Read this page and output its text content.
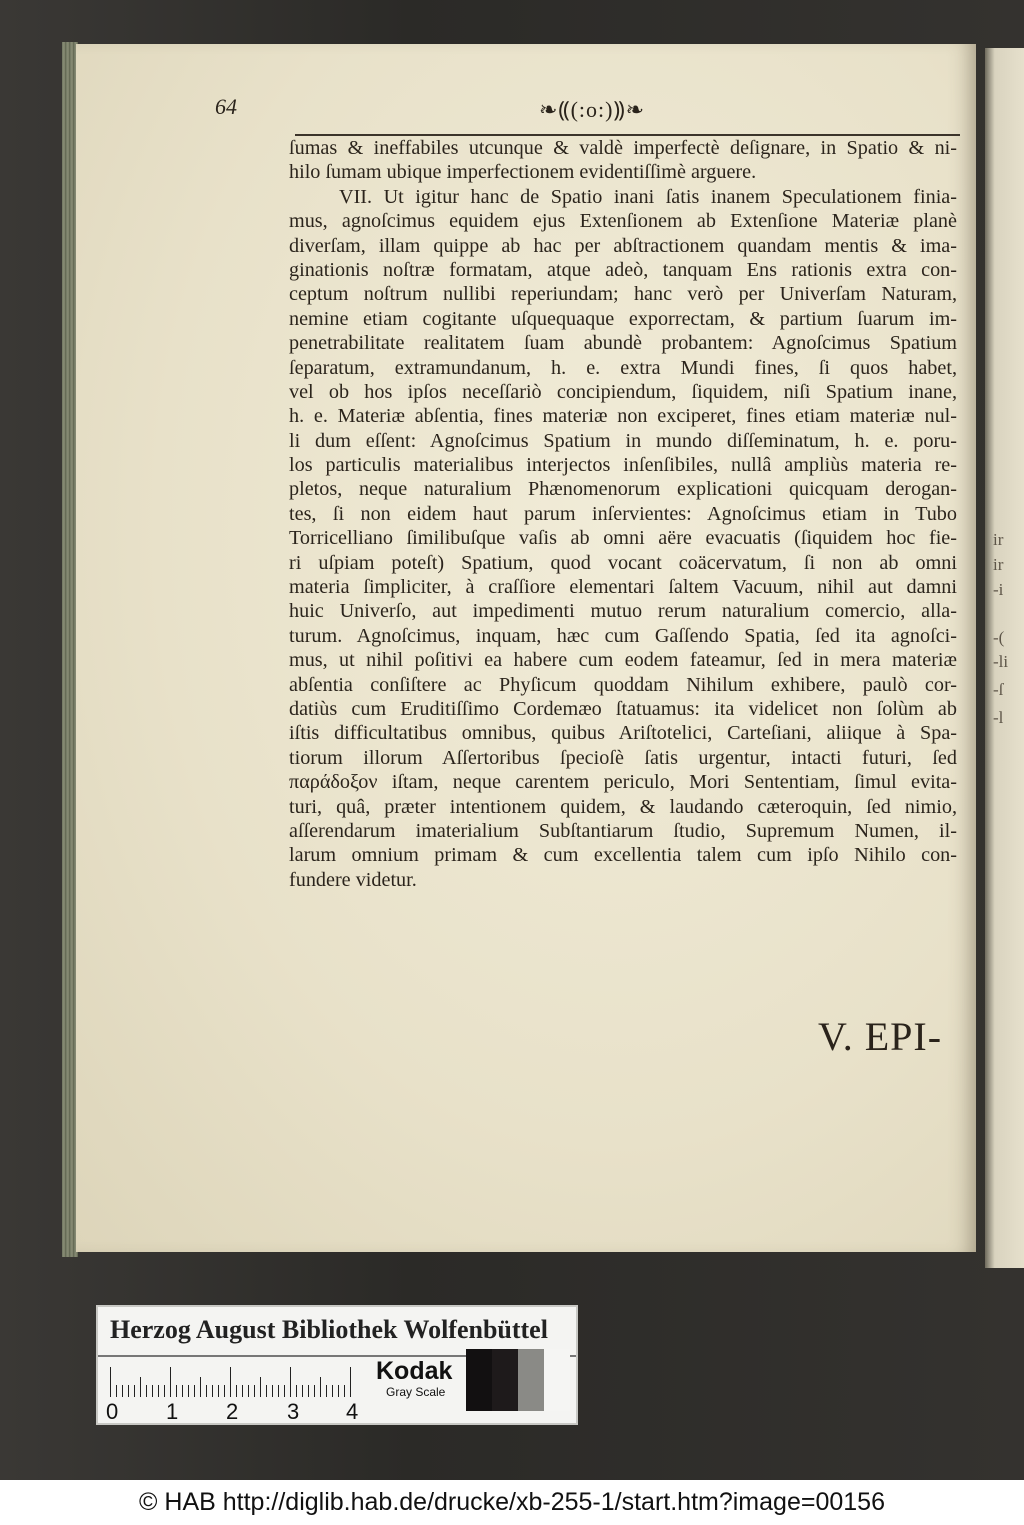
ir
ir
-i
-(
-li
-ſ
-l
64	❧⸨(:o:)⸩❧
ſumas & ineffabiles utcunque & valdè imperfectè deſignare, in Spatio & ni-
hilo ſumam ubique imperfectionem evidentiſſimè arguere.
VII. Ut igitur hanc de Spatio inani ſatis inanem Speculationem finia-
mus, agnoſcimus equidem ejus Extenſionem ab Extenſione Materiæ planè
diverſam, illam quippe ab hac per abſtractionem quandam mentis & ima-
ginationis noſtræ formatam, atque adeò, tanquam Ens rationis extra con-
ceptum noſtrum nullibi reperiundam; hanc verò per Univerſam Naturam,
nemine etiam cogitante uſquequaque exporrectam, & partium ſuarum im-
penetrabilitate realitatem ſuam abundè probantem: Agnoſcimus Spatium
ſeparatum, extramundanum, h. e. extra Mundi fines, ſi quos habet,
vel ob hos ipſos neceſſariò concipiendum, ſiquidem, niſi Spatium inane,
h. e. Materiæ abſentia, fines materiæ non exciperet, fines etiam materiæ nul-
li dum eſſent: Agnoſcimus Spatium in mundo diſſeminatum, h. e. poru-
los particulis materialibus interjectos inſenſibiles, nullâ ampliùs materia re-
pletos, neque naturalium Phænomenorum explicationi quicquam derogan-
tes, ſi non eidem haut parum inſervientes: Agnoſcimus etiam in Tubo
Torricelliano ſimilibuſque vaſis ab omni aëre evacuatis (ſiquidem hoc fie-
ri uſpiam poteſt) Spatium, quod vocant coäcervatum, ſi non ab omni
materia ſimpliciter, à craſſiore elementari ſaltem Vacuum, nihil aut damni
huic Univerſo, aut impedimenti mutuo rerum naturalium comercio, alla-
turum. Agnoſcimus, inquam, hæc cum Gaſſendo Spatia, ſed ita agnoſci-
mus, ut nihil poſitivi ea habere cum eodem fateamur, ſed in mera materiæ
abſentia conſiſtere ac Phyſicum quoddam Nihilum exhibere, paulò cor-
datiùs cum Eruditiſſimo Cordemæo ſtatuamus: ita videlicet non ſolùm ab
iſtis difficultatibus omnibus, quibus Ariſtotelici, Carteſiani, aliique à Spa-
tiorum illorum Aſſertoribus ſpecioſè ſatis urgentur, intacti futuri, ſed
παράδοξον iſtam, neque carentem periculo, Mori Sententiam, ſimul evita-
turi, quâ, præter intentionem quidem, & laudando cæteroquin, ſed nimio,
aſſerendarum imaterialium Subſtantiarum ſtudio, Supremum Numen, il-
larum omnium primam & cum excellentia talem cum ipſo Nihilo con-
fundere videtur.
V. EPI-
Herzog August Bibliothek Wolfenbüttel
0 1 2 3 4
Kodak
Gray Scale
© HAB http://diglib.hab.de/drucke/xb-255-1/start.htm?image=00156
